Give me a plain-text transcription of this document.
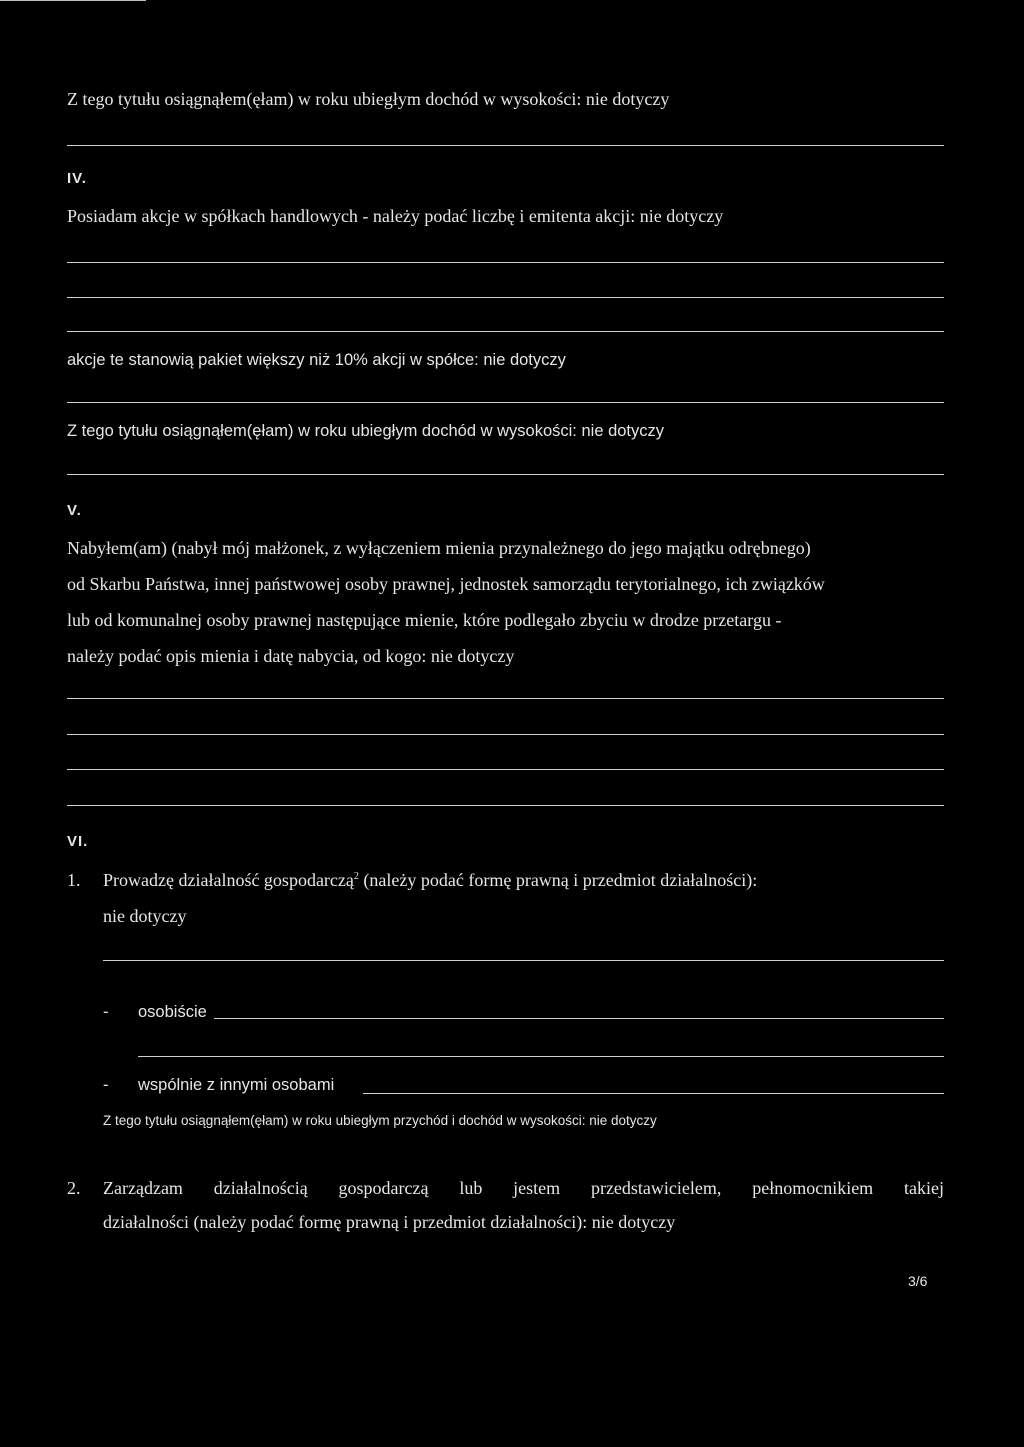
Z tego tytułu osiągnąłem(ęłam) w roku ubiegłym dochód w wysokości: nie dotyczy
IV.
Posiadam akcje w spółkach handlowych - należy podać liczbę i emitenta akcji: nie dotyczy
akcje te stanowią pakiet większy niż 10% akcji w spółce: nie dotyczy
Z tego tytułu osiągnąłem(ęłam) w roku ubiegłym dochód w wysokości: nie dotyczy
V.
Nabyłem(am) (nabył mój małżonek, z wyłączeniem mienia przynależnego do jego majątku odrębnego)
od Skarbu Państwa, innej państwowej osoby prawnej, jednostek samorządu terytorialnego, ich związków
lub od komunalnej osoby prawnej następujące mienie, które podlegało zbyciu w drodze przetargu -
należy podać opis mienia i datę nabycia, od kogo: nie dotyczy
VI.
1. Prowadzę działalność gospodarczą$^2$ (należy podać formę prawną i przedmiot działalności):
nie dotyczy
- osobiście
- wspólnie z innymi osobami
Z tego tytułu osiągnąłem(ęłam) w roku ubiegłym przychód i dochód w wysokości: nie dotyczy
2. Zarządzam działalnością gospodarczą lub jestem przedstawicielem, pełnomocnikiem takiej
działalności (należy podać formę prawną i przedmiot działalności): nie dotyczy
3/6
